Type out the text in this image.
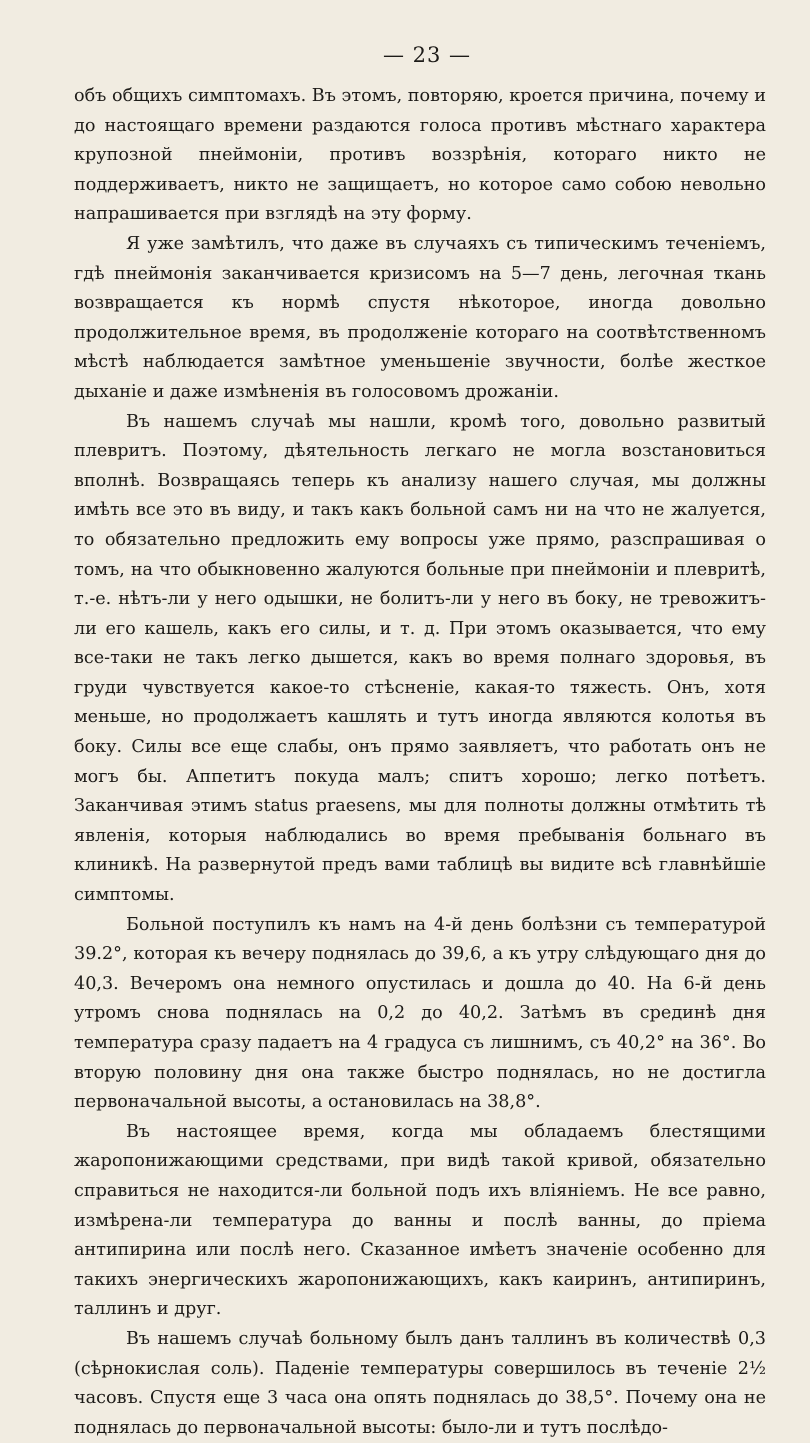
— 23 —

объ общихъ симптомахъ. Въ этомъ, повторяю, кроется причина, почему и до настоящаго времени раздаются голоса противъ мѣстнаго характера крупозной пнеймоніи, противъ воззрѣнія, котораго никто не поддерживаетъ, никто не защищаетъ, но которое само собою невольно напрашивается при взглядѣ на эту форму.

Я уже замѣтилъ, что даже въ случаяхъ съ типическимъ теченіемъ, гдѣ пнеймонія заканчивается кризисомъ на 5—7 день, легочная ткань возвращается къ нормѣ спустя нѣкоторое, иногда довольно продолжительное время, въ продолженіе котораго на соотвѣтственномъ мѣстѣ наблюдается замѣтное уменьшеніе звучности, болѣе жесткое дыханіе и даже измѣненія въ голосовомъ дрожаніи.

Въ нашемъ случаѣ мы нашли, кромѣ того, довольно развитый плевритъ. Поэтому, дѣятельность легкаго не могла возстановиться вполнѣ. Возвращаясь теперь къ анализу нашего случая, мы должны имѣть все это въ виду, и такъ какъ больной самъ ни на что не жалуется, то обязательно предложить ему вопросы уже прямо, разспрашивая о томъ, на что обыкновенно жалуются больные при пнеймоніи и плевритѣ, т.-е. нѣтъ-ли у него одышки, не болитъ-ли у него въ боку, не тревожитъ-ли его кашель, какъ его силы, и т. д. При этомъ оказывается, что ему все-таки не такъ легко дышется, какъ во время полнаго здоровья, въ груди чувствуется какое-то стѣсненіе, какая-то тяжесть. Онъ, хотя меньше, но продолжаетъ кашлять и тутъ иногда являются колотья въ боку. Силы все еще слабы, онъ прямо заявляетъ, что работать онъ не могъ бы. Аппетитъ покуда малъ; спитъ хорошо; легко потѣетъ. Заканчивая этимъ status praesens, мы для полноты должны отмѣтить тѣ явленія, которыя наблюдались во время пребыванія больнаго въ клиникѣ. На развернутой предъ вами таблицѣ вы видите всѣ главнѣйшіе симптомы.

Больной поступилъ къ намъ на 4-й день болѣзни съ температурой 39.2°, которая къ вечеру поднялась до 39,6, а къ утру слѣдующаго дня до 40,3. Вечеромъ она немного опустилась и дошла до 40. На 6-й день утромъ снова поднялась на 0,2 до 40,2. Затѣмъ въ срединѣ дня температура сразу падаетъ на 4 градуса съ лишнимъ, съ 40,2° на 36°. Во вторую половину дня она также быстро поднялась, но не достигла первоначальной высоты, а остановилась на 38,8°.

Въ настоящее время, когда мы обладаемъ блестящими жаропонижающими средствами, при видѣ такой кривой, обязательно справиться не находится-ли больной подъ ихъ вліяніемъ. Не все равно, измѣрена-ли температура до ванны и послѣ ванны, до пріема антипирина или послѣ него. Сказанное имѣетъ значеніе особенно для такихъ энергическихъ жаропонижающихъ, какъ каиринъ, антипиринъ, таллинъ и друг.

Въ нашемъ случаѣ больному былъ данъ таллинъ въ количествѣ 0,3 (сѣрнокислая соль). Паденіе температуры совершилось въ теченіе 2½ часовъ. Спустя еще 3 часа она опять поднялась до 38,5°. Почему она не поднялась до первоначальной высоты: было-ли и тутъ послѣдо-
